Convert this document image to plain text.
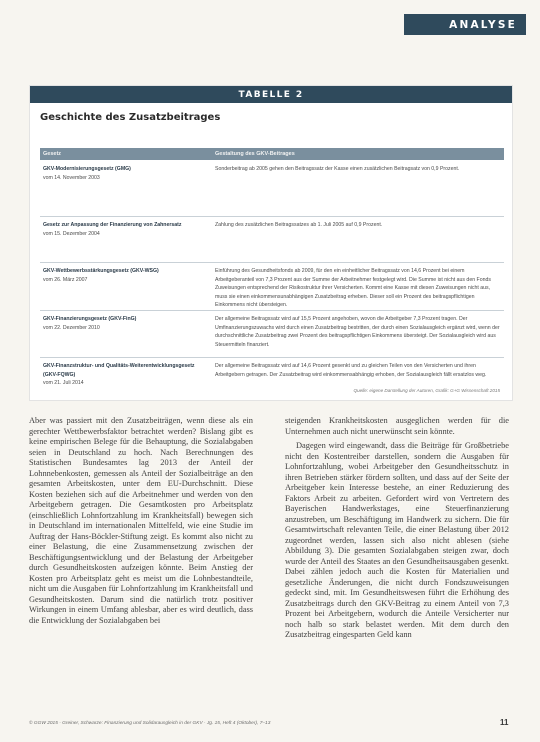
ANALYSE
TABELLE 2
Geschichte des Zusatzbeitrages
Gesetz	Gestaltung des GKV-Beitrages
GKV-Modernisierungsgesetz (GMG)
vom 14. November 2003
Sonderbeitrag ab 2005 gehen den Beitragssatz der Kasse einen zusätzlichen Beitragsatz von 0,9 Prozent.
Gesetz zur Anpassung der Finanzierung von Zahnersatz
vom 15. Dezember 2004
Zahlung des zusätzlichen Beitragssatzes ab 1. Juli 2005 auf 0,9 Prozent.
GKV-Wettbewerbsstärkungsgesetz (GKV-WSG)
vom 26. März 2007
Einführung des Gesundheitsfonds ab 2009, für den ein einheitlicher Beitragssatz von 14,6 Prozent bei einem Arbeitgeberanteil von 7,3 Prozent aus der Summe der Arbeitnehmer festgelegt wird. Die Summe ist nicht aus den Fonds Zuweisungen entsprechend der Risikostruktur ihrer Versicherten. Kommt eine Kasse mit diesen Zuweisungen nicht aus, muss sie einen einkommensunabhängigen Zusatzbeitrag erheben. Dieser soll ein Prozent des beitragspflichtigen Einkommens nicht übersteigen.
GKV-Finanzierungsgesetz (GKV-FinG)
vom 22. Dezember 2010
Der allgemeine Beitragssatz wird auf 15,5 Prozent angehoben, wovon die Arbeitgeber 7,3 Prozent tragen. Der Umfinanzierungszuwachs wird durch einen Zusatzbeitrag bestritten, der durch einen Sozialausgleich ergänzt wird, wenn der durchschnittliche Zusatzbeitrag zwei Prozent des beitragspflichtigen Einkommens übersteigt. Der Sozialausgleich wird aus Steuermitteln finanziert.
GKV-Finanzstruktur- und Qualitäts-Weiterentwicklungsgesetz (GKV-FQWG)
vom 21. Juli 2014
Der allgemeine Beitragssatz wird auf 14,6 Prozent gesenkt und zu gleichen Teilen von den Versicherten und ihren Arbeitgebern getragen. Der Zusatzbeitrag wird einkommensabhängig erhoben, der Sozialausgleich fällt ersatzlos weg.
Quelle: eigene Darstellung der Autoren, Grafik: G+G Wissenschaft 2015

Aber was passiert mit den Zusatzbeiträgen, wenn diese als ein gerechter Wettbewerbsfaktor betrachtet werden? Bislang gibt es keine empirischen Belege für die Behauptung, die Sozialabgaben seien in Deutschland zu hoch. Nach Berechnungen des Statistischen Bundesamtes lag 2013 der Anteil der Lohnnebenkosten, gemessen als Anteil der Sozialbeiträge an den gesamten Arbeitskosten, unter dem EU-Durchschnitt. Diese Kosten beziehen sich auf die Arbeitnehmer und werden von den Arbeitgebern getragen. Die Gesamtkosten pro Arbeitsplatz (einschließlich Lohnfortzahlung im Krankheitsfall) bewegen sich in Deutschland im internationalen Mittelfeld, wie eine Studie im Auftrag der Hans-Böckler-Stiftung zeigt. Es kommt also nicht zu einer Belastung, die eine Zusammensetzung zwischen der Beschäftigungsentwicklung und der Belastung der Arbeitgeber durch Gesundheitskosten aufzeigen könnte. Beim Anstieg der Kosten pro Arbeitsplatz geht es meist um die Lohnbestandteile, nicht um die Ausgaben für Lohnfortzahlung im Krankheitsfall und Gesundheitskosten. Darum sind die natürlich trotz positiver Wirkungen in einem Umfang ablesbar, aber es wird deutlich, dass die Entwicklung der Sozialabgaben bei

steigenden Krankheitskosten ausgeglichen werden für die Unternehmen auch nicht unerwünscht sein könnte.

Dagegen wird eingewandt, dass die Beiträge für Großbetriebe nicht den Kostentreiber darstellen, sondern die Ausgaben für Lohnfortzahlung, wobei Arbeitgeber den Gesundheitsschutz in ihren Betrieben stärker fördern sollten, und dass auf der Seite der Arbeitgeber kein Interesse bestehe, an einer Reduzierung des Faktors Arbeit zu arbeiten. Gefordert wird von Vertretern des Bayerischen Handwerkstages, eine Steuerfinanzierung anzustreben, um Beschäftigung im Handwerk zu sichern. Die für Gesamtwirtschaft relevanten Teile, die einer Belastung über 2012 zugeordnet werden, lassen sich also nicht ablesen (siehe Abbildung 3). Die gesamten Sozialabgaben steigen zwar, doch wurde der Anteil des Staates an den Gesundheitsausgaben gesenkt. Dabei zählen jedoch auch die Kosten für Materialien und gesetzliche Änderungen, die nicht durch Fondszuweisungen gedeckt sind, mit. Im Gesundheitswesen führt die Erhöhung des Zusatzbeitrags durch den GKV-Beitrag zu einem Anteil von 7,3 Prozent bei Arbeitgebern, wodurch die Anteile Versicherter nur noch halb so stark belastet werden. Mit dem durch den Zusatzbeitrag eingesparten Geld kann

© GGW 2015 · Greiner, Schwarze: Finanzierung und Solidarausgleich in der GKV · Jg. 15, Heft 4 (Oktober), 7–13	11
